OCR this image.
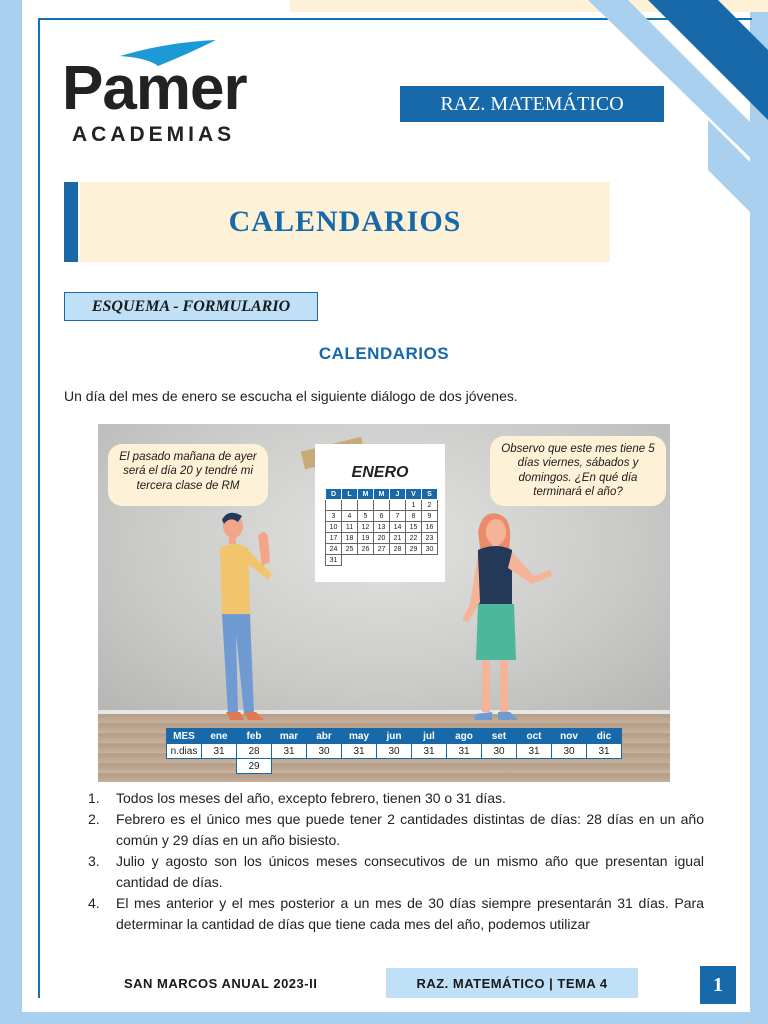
Pamer
ACADEMIAS
RAZ. MATEMÁTICO
CALENDARIOS
ESQUEMA - FORMULARIO
CALENDARIOS
Un día del mes de enero se escucha el siguiente diálogo de dos jóvenes.
ENERO
D	L	M	M	J	V	S
					1	2
3	4	5	6	7	8	9
10	11	12	13	14	15	16
17	18	19	20	21	22	23
24	25	26	27	28	29	30
31						
El pasado mañana de ayer será el día 20 y tendré mi tercera clase de RM
Observo que este mes tiene 5 días viernes, sábados y domingos. ¿En qué día terminará el año?
MES	ene	feb	mar	abr	may	jun	jul	ago	set	oct	nov	dic
n.dias	31	28	31	30	31	30	31	31	30	31	30	31
		29										
1. Todos los meses del año, excepto febrero, tienen 30 o 31 días.
2. Febrero es el único mes que puede tener 2 cantidades distintas de días: 28 días en un año común y 29 días en un año bisiesto.
3. Julio y agosto son los únicos meses consecutivos de un mismo año que presentan igual cantidad de días.
4. El mes anterior y el mes posterior a un mes de 30 días siempre presentarán 31 días. Para determinar la cantidad de días que tiene cada mes del año, podemos utilizar
SAN MARCOS ANUAL 2023-II	RAZ. MATEMÁTICO | TEMA 4	1
